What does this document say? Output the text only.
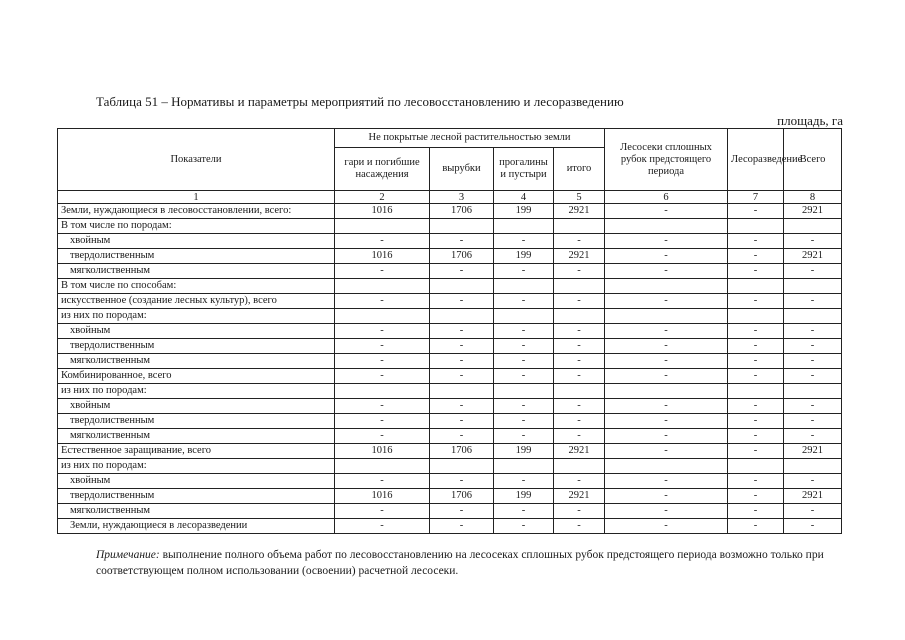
Таблица 51 – Нормативы и параметры мероприятий по лесовосстановлению и лесоразведению
площадь, га
Показатели	Не покрытые лесной растительностью земли				Лесосеки сплошных рубок предстоящего периода	Лесоразведение	Всего
	гари и погибшие насаждения	вырубки	прогалины и пустыри	итого			
1	2	3	4	5	6	7	8
Земли, нуждающиеся в лесовосстановлении, всего:	1016	1706	199	2921	-	-	2921
В том числе по породам:							
хвойным	-	-	-	-	-	-	-
твердолиственным	1016	1706	199	2921	-	-	2921
мягколиственным	-	-	-	-	-	-	-
В том числе по способам:							
искусственное (создание лесных культур), всего	-	-	-	-	-	-	-
из них по породам:							
хвойным	-	-	-	-	-	-	-
твердолиственным	-	-	-	-	-	-	-
мягколиственным	-	-	-	-	-	-	-
Комбинированное, всего	-	-	-	-	-	-	-
из них по породам:							
хвойным	-	-	-	-	-	-	-
твердолиственным	-	-	-	-	-	-	-
мягколиственным	-	-	-	-	-	-	-
Естественное заращивание, всего	1016	1706	199	2921	-	-	2921
из них по породам:							
хвойным	-	-	-	-	-	-	-
твердолиственным	1016	1706	199	2921	-	-	2921
мягколиственным	-	-	-	-	-	-	-
Земли, нуждающиеся в лесоразведении	-	-	-	-	-	-	-
Примечание: выполнение полного объема работ по лесовосстановлению на лесосеках сплошных рубок предстоящего периода возможно только при соответствующем полном использовании (освоении) расчетной лесосеки.
